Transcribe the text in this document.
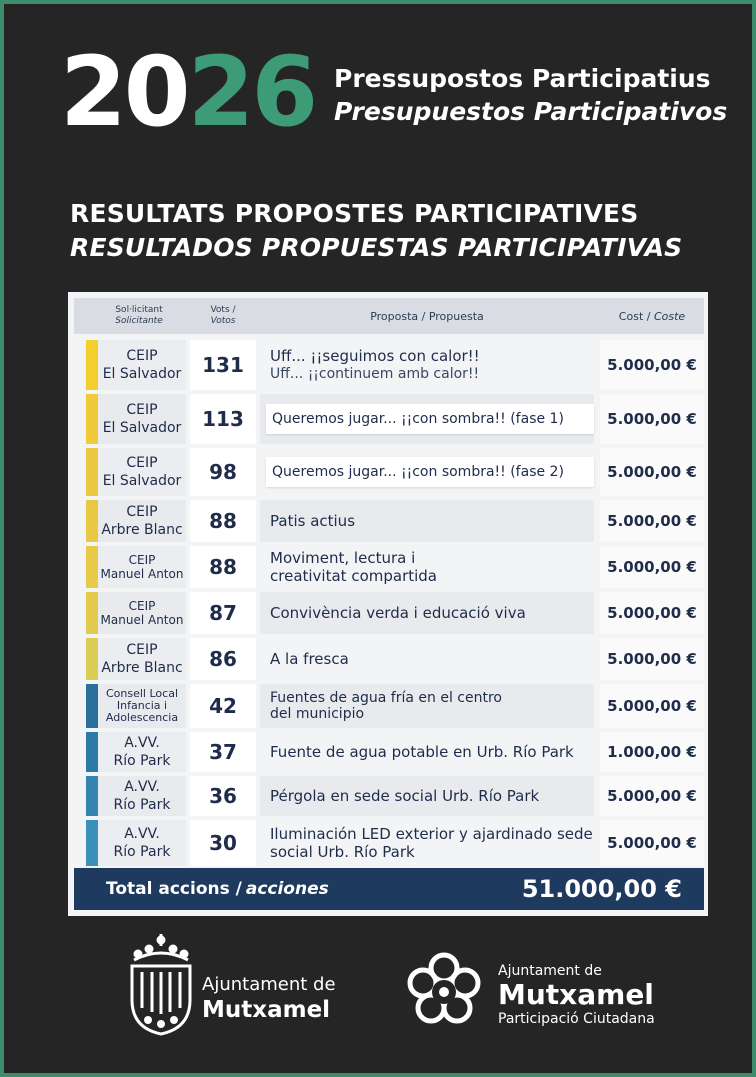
2026 Pressupostos Participatius
Presupuestos Participativos
RESULTATS PROPOSTES PARTICIPATIVES
RESULTADOS PROPUESTAS PARTICIPATIVAS
Sol·licitant
Solicitante
Vots /
Votos	Proposta / Propuesta	Cost /
Coste
CEIP
El Salvador	131	Uff... ¡¡seguimos con calor!!
Uff... ¡¡continuem amb calor!!	5.000,00 €
CEIP
El Salvador	113	Queremos jugar... ¡¡con sombra!! (fase 1)	5.000,00 €
CEIP
El Salvador	98	Queremos jugar... ¡¡con sombra!! (fase 2)	5.000,00 €
CEIP
Arbre Blanc	88	Patis actius	5.000,00 €
CEIP
Manuel Anton	88	Moviment, lectura i
creativitat compartida	5.000,00 €
CEIP
Manuel Anton	87	Convivència verda i educació viva	5.000,00 €
CEIP
Arbre Blanc	86	A la fresca	5.000,00 €
Consell Local
Infancia i
Adolescencia	42	Fuentes de agua fría en el centro
del municipio	5.000,00 €
A.VV.
Río Park	37	Fuente de agua potable en Urb. Río Park	1.000,00 €
A.VV.
Río Park	36	Pérgola en sede social Urb. Río Park	5.000,00 €
A.VV.
Río Park	30	Iluminación LED exterior y ajardinado sede
social Urb. Río Park	5.000,00 €
Total accions / acciones	51.000,00 €
Ajuntament de
Mutxamel
Ajuntament de
Mutxamel
Participació Ciutadana
